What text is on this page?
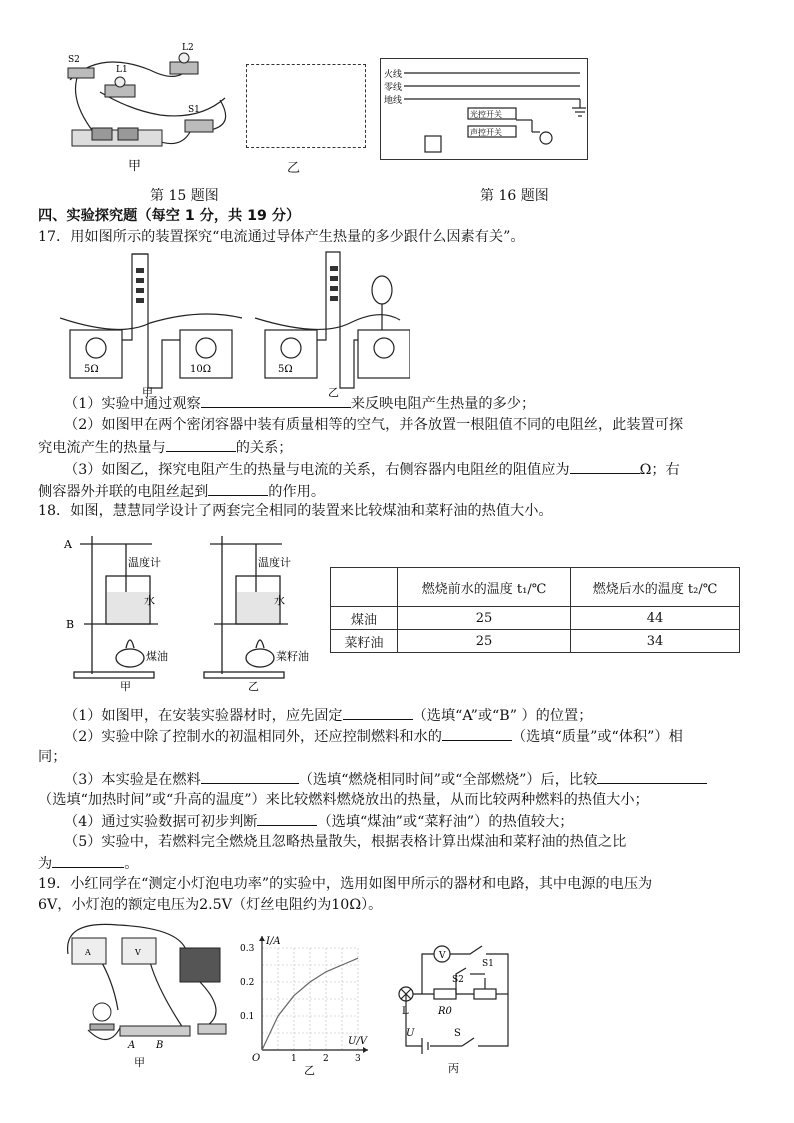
S2
L1
L2
S1
甲	乙
第 15 题图
火线
零线
地线
光控开关
声控开关
第 16 题图
四、实验探究题（每空 1 分，共 19 分）
17．用如图所示的装置探究“电流通过导体产生热量的多少跟什么因素有关”。
5Ω	10Ω	5Ω
甲	乙
（1）实验中通过观察	来反映电阻产生热量的多少；
（2）如图甲在两个密闭容器中装有质量相等的空气，并各放置一根阻值不同的电阻丝，此装置可探
究电流产生的热量与	的关系；
（3）如图乙，探究电阻产生的热量与电流的关系，右侧容器内电阻丝的阻值应为	Ω；右
侧容器外并联的电阻丝起到	的作用。
18．如图，慧慧同学设计了两套完全相同的装置来比较煤油和菜籽油的热值大小。
A
B
温度计	温度计
水	水
煤油	菜籽油
甲	乙
	燃烧前水的温度 t₁/℃	燃烧后水的温度 t₂/℃
煤油	25	44
菜籽油	25	34
（1）如图甲，在安装实验器材时，应先固定	（选填“A”或“B” ）的位置；
（2）实验中除了控制水的初温相同外，还应控制燃料和水的	（选填“质量”或“体积”）相
同；
（3）本实验是在燃料	（选填“燃烧相同时间”或“全部燃烧”）后，比较
（选填“加热时间”或“升高的温度”）来比较燃料燃烧放出的热量，从而比较两种燃料的热值大小；
（4）通过实验数据可初步判断	（选填“煤油”或“菜籽油”）的热值较大；
（5）实验中，若燃料完全燃烧且忽略热量散失，根据表格计算出煤油和菜籽油的热值之比
为	。
19．小红同学在“测定小灯泡电功率”的实验中，选用如图甲所示的器材和电路，其中电源的电压为
6V，小灯泡的额定电压为2.5V（灯丝电阻约为10Ω）。
A	V
A B
甲	1	2	3
0.3
0.2
0.1
I/A
U/V
O
乙
V
S1
S2
L	R0
U	S
丙
